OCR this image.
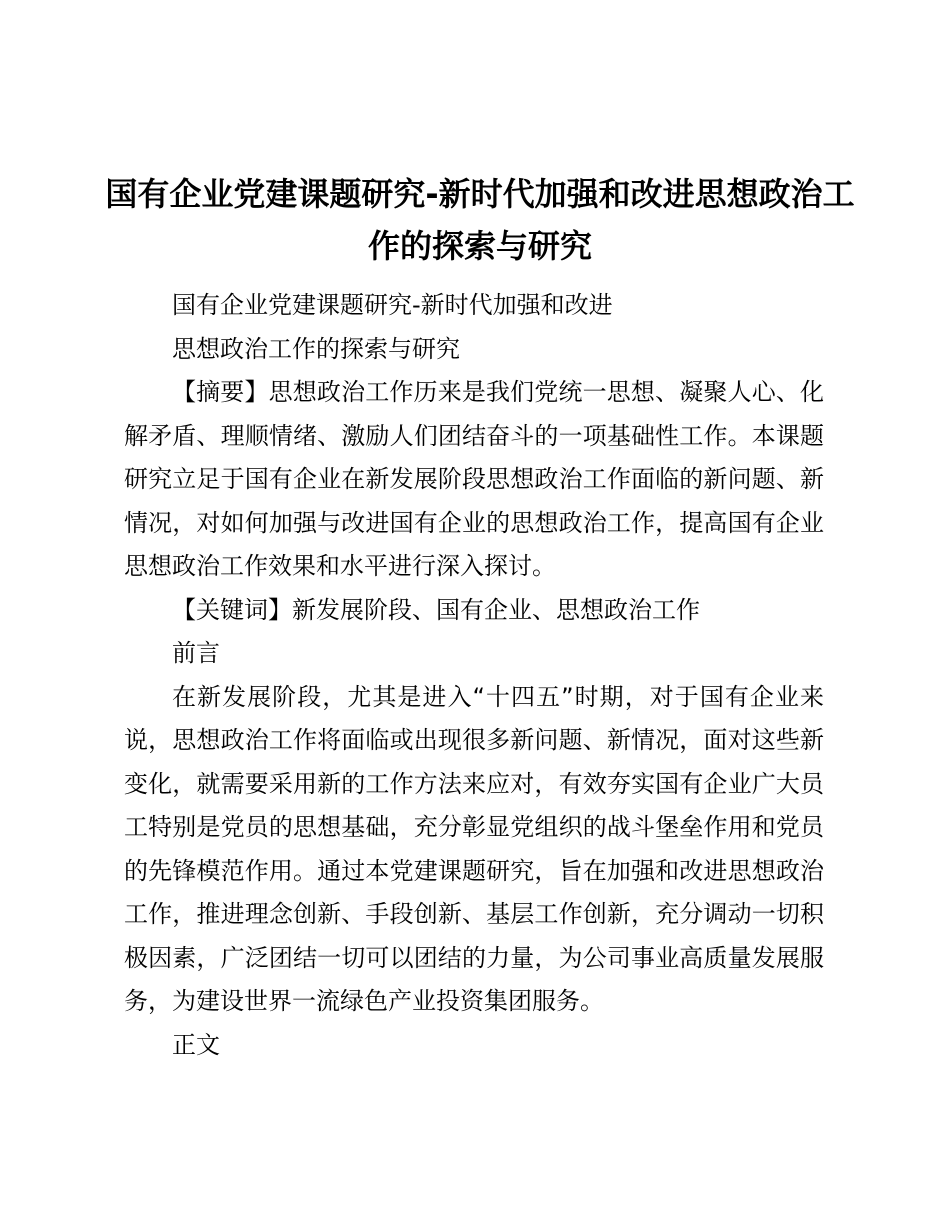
国有企业党建课题研究-新时代加强和改进思想政治工作的探索与研究

国有企业党建课题研究-新时代加强和改进

思想政治工作的探索与研究

【摘要】思想政治工作历来是我们党统一思想、凝聚人心、化解矛盾、理顺情绪、激励人们团结奋斗的一项基础性工作。本课题研究立足于国有企业在新发展阶段思想政治工作面临的新问题、新情况，对如何加强与改进国有企业的思想政治工作，提高国有企业思想政治工作效果和水平进行深入探讨。

【关键词】新发展阶段、国有企业、思想政治工作

前言

在新发展阶段，尤其是进入“十四五”时期，对于国有企业来说，思想政治工作将面临或出现很多新问题、新情况，面对这些新变化，就需要采用新的工作方法来应对，有效夯实国有企业广大员工特别是党员的思想基础，充分彰显党组织的战斗堡垒作用和党员的先锋模范作用。通过本党建课题研究，旨在加强和改进思想政治工作，推进理念创新、手段创新、基层工作创新，充分调动一切积极因素，广泛团结一切可以团结的力量，为公司事业高质量发展服务，为建设世界一流绿色产业投资集团服务。

正文
